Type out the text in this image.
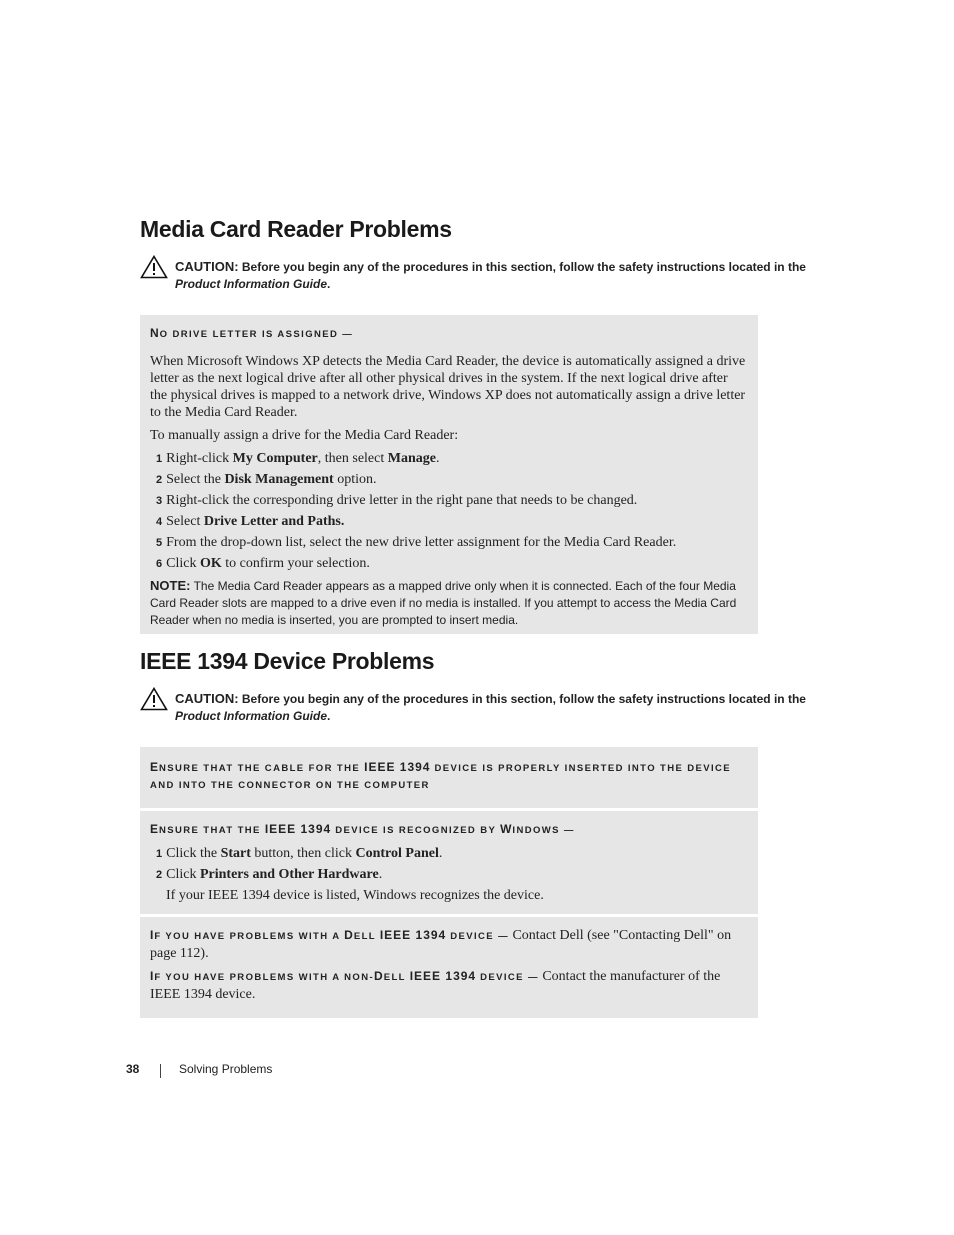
Media Card Reader Problems
CAUTION: Before you begin any of the procedures in this section, follow the safety instructions located in the Product Information Guide.
NO DRIVE LETTER IS ASSIGNED —

When Microsoft Windows XP detects the Media Card Reader, the device is automatically assigned a drive letter as the next logical drive after all other physical drives in the system. If the next logical drive after the physical drives is mapped to a network drive, Windows XP does not automatically assign a drive letter to the Media Card Reader.

To manually assign a drive for the Media Card Reader:

1 Right-click My Computer, then select Manage.
2 Select the Disk Management option.
3 Right-click the corresponding drive letter in the right pane that needs to be changed.
4 Select Drive Letter and Paths.
5 From the drop-down list, select the new drive letter assignment for the Media Card Reader.
6 Click OK to confirm your selection.

NOTE: The Media Card Reader appears as a mapped drive only when it is connected. Each of the four Media Card Reader slots are mapped to a drive even if no media is installed. If you attempt to access the Media Card Reader when no media is inserted, you are prompted to insert media.

IEEE 1394 Device Problems
CAUTION: Before you begin any of the procedures in this section, follow the safety instructions located in the Product Information Guide.
ENSURE THAT THE CABLE FOR THE IEEE 1394 DEVICE IS PROPERLY INSERTED INTO THE DEVICE AND INTO THE CONNECTOR ON THE COMPUTER
ENSURE THAT THE IEEE 1394 DEVICE IS RECOGNIZED BY WINDOWS —
1 Click the Start button, then click Control Panel.
2 Click Printers and Other Hardware.

If your IEEE 1394 device is listed, Windows recognizes the device.

IF YOU HAVE PROBLEMS WITH A DELL IEEE 1394 DEVICE — Contact Dell (see "Contacting Dell" on page 112).

IF YOU HAVE PROBLEMS WITH A NON-DELL IEEE 1394 DEVICE — Contact the manufacturer of the IEEE 1394 device.

38	Solving Problems
